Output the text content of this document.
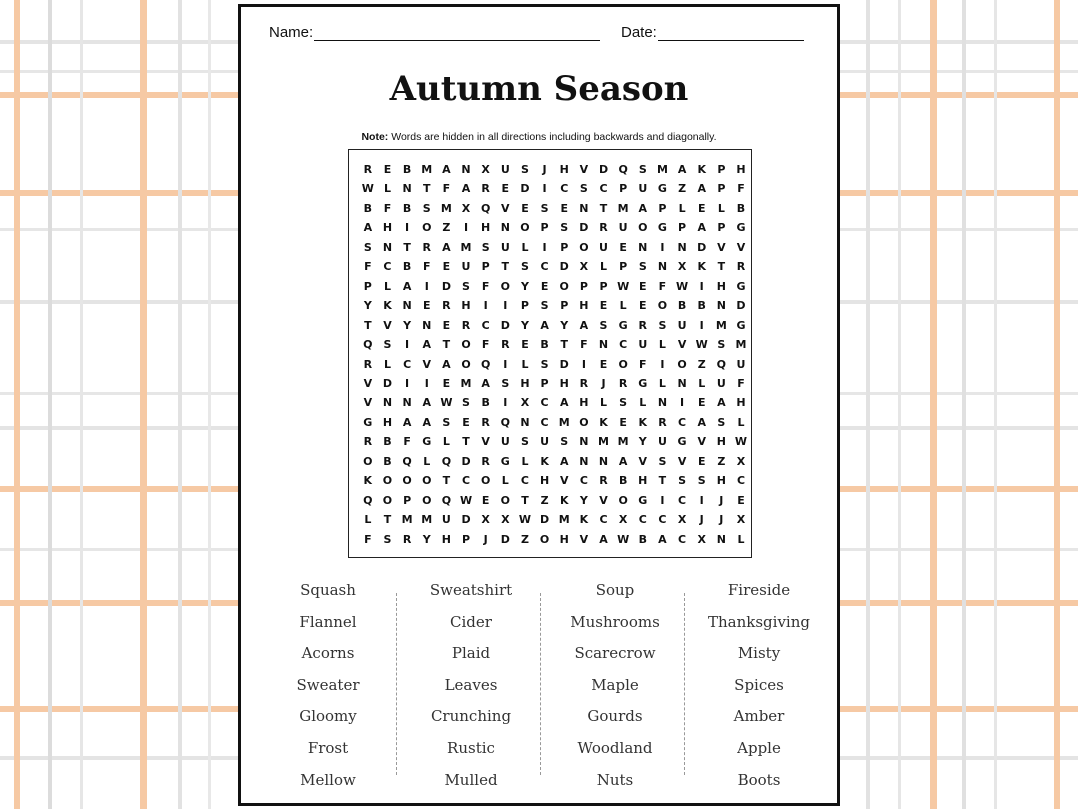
Name:	Date:
Autumn Season
Note: Words are hidden in all directions including backwards and diagonally.
R	E	B M A N X U	S	J	H V D Q S M A	K	P	H
W L	N	T	F	A	R	E	D	I	C	S	C	P	U G	Z	A	P	F
B	F	B	S M X Q V	E	S	E	N	T M A	P	L	E	L	B
A H	I	O Z	I	H N O P	S	D R U O G	P	A	P	G
S	N	T	R	A M S	U	L	I	P O U	E	N	I	N D V	V
F	C	B	F	E	U	P	T	S	C	D X	L	P	S	N X	K	T	R
P	L	A	I	D	S	F	O Y	E	O P	P W E	F W	I	H G
Y	K N	E	R H	I	I	P	S	P	H	E	L	E	O B	B N D
T	V	Y	N	E	R	C	D	Y	A	Y	A	S	G R	S	U	I	M G
Q S	I	A	T	O	F	R	E	B	T	F	N	C	U	L	V W S M
R	L	C	V	A O Q	I	L	S	D	I	E	O	F	I	O Z Q U
V D	I	I	E M A	S	H	P	H R	J	R G	L	N	L	U	F
V N N A W S	B	I	X	C	A H	L	S	L	N	I	E	A H
G H A	A	S	E	R Q N	C M O K	E	K	R	C	A	S	L
R	B	F	G	L	T	V U	S	U	S	N M M Y	U G V H W
O B Q	L	Q D R G	L	K	A N N A	V	S	V	E	Z	X
K O O O	T	C O	L	C H V	C	R	B H	T	S	S	H	C
Q O P O Q W E	O	T	Z	K	Y	V O G	I	C	I	J	E
L	T M M U D X	X W D M K	C	X	C	C	X	J	J	X
F	S	R	Y	H	P	J	D	Z O H V	A W B	A	C	X N	L
Squash
Flannel
Acorns
Sweater
Gloomy
Frost
Mellow
Sweatshirt
Cider
Plaid
Leaves
Crunching
Rustic
Mulled
Soup
Mushrooms
Scarecrow
Maple
Gourds
Woodland
Nuts
Fireside
Thanksgiving
Misty
Spices
Amber
Apple
Boots
